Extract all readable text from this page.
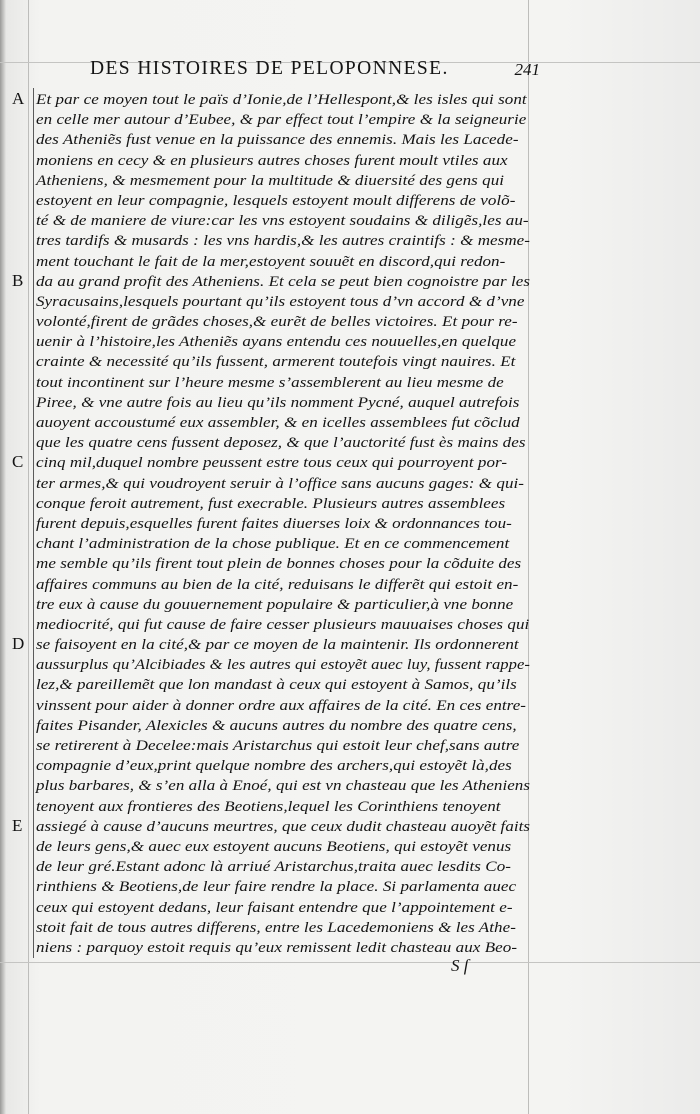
DES HISTOIRES DE PELOPONNESE.	241
A Et par ce moyen tout le païs d’Ionie,de l’Hellespont,& les isles qui sont
en celle mer autour d’Eubee, & par effect tout l’empire & la seigneurie
des Atheniẽs fust venue en la puissance des ennemis. Mais les Lacede-
moniens en cecy & en plusieurs autres choses furent moult vtiles aux
Atheniens, & mesmement pour la multitude & diuersité des gens qui
estoyent en leur compagnie, lesquels estoyent moult differens de volõ-
té & de maniere de viure:car les vns estoyent soudains & diligẽs,les au-
tres tardifs & musards : les vns hardis,& les autres craintifs : & mesme-
ment touchant le fait de la mer,estoyent souuẽt en discord,qui redon-
B da au grand profit des Atheniens. Et cela se peut bien cognoistre par les
Syracusains,lesquels pourtant qu’ils estoyent tous d’vn accord & d’vne
volonté,firent de grãdes choses,& eurẽt de belles victoires. Et pour re-
uenir à l’histoire,les Atheniẽs ayans entendu ces nouuelles,en quelque
crainte & necessité qu’ils fussent, armerent toutefois vingt nauires. Et
tout incontinent sur l’heure mesme s’assemblerent au lieu mesme de
Piree, & vne autre fois au lieu qu’ils nomment Pycné, auquel autrefois
auoyent accoustumé eux assembler, & en icelles assemblees fut cõclud
que les quatre cens fussent deposez, & que l’auctorité fust ès mains des
C cinq mil,duquel nombre peussent estre tous ceux qui pourroyent por-
ter armes,& qui voudroyent seruir à l’office sans aucuns gages: & qui-
conque feroit autrement, fust execrable. Plusieurs autres assemblees
furent depuis,esquelles furent faites diuerses loix & ordonnances tou-
chant l’administration de la chose publique. Et en ce commencement
me semble qu’ils firent tout plein de bonnes choses pour la cõduite des
affaires communs au bien de la cité, reduisans le differẽt qui estoit en-
tre eux à cause du gouuernement populaire & particulier,à vne bonne
mediocrité, qui fut cause de faire cesser plusieurs mauuaises choses qui
D se faisoyent en la cité,& par ce moyen de la maintenir. Ils ordonnerent
aussurplus qu’Alcibiades & les autres qui estoyẽt auec luy, fussent rappe-
lez,& pareillemẽt que lon mandast à ceux qui estoyent à Samos, qu’ils
vinssent pour aider à donner ordre aux affaires de la cité. En ces entre-
faites Pisander, Alexicles & aucuns autres du nombre des quatre cens,
se retirerent à Decelee:mais Aristarchus qui estoit leur chef,sans autre
compagnie d’eux,print quelque nombre des archers,qui estoyẽt là,des
plus barbares, & s’en alla à Enoé, qui est vn chasteau que les Atheniens
tenoyent aux frontieres des Beotiens,lequel les Corinthiens tenoyent
E assiegé à cause d’aucuns meurtres, que ceux dudit chasteau auoyẽt faits
de leurs gens,& auec eux estoyent aucuns Beotiens, qui estoyẽt venus
de leur gré.Estant adonc là arriué Aristarchus,traita auec lesdits Co-
rinthiens & Beotiens,de leur faire rendre la place. Si parlamenta auec
ceux qui estoyent dedans, leur faisant entendre que l’appointement e-
stoit fait de tous autres differens, entre les Lacedemoniens & les Athe-
niens : parquoy estoit requis qu’eux remissent ledit chasteau aux Beo-
S ſ
